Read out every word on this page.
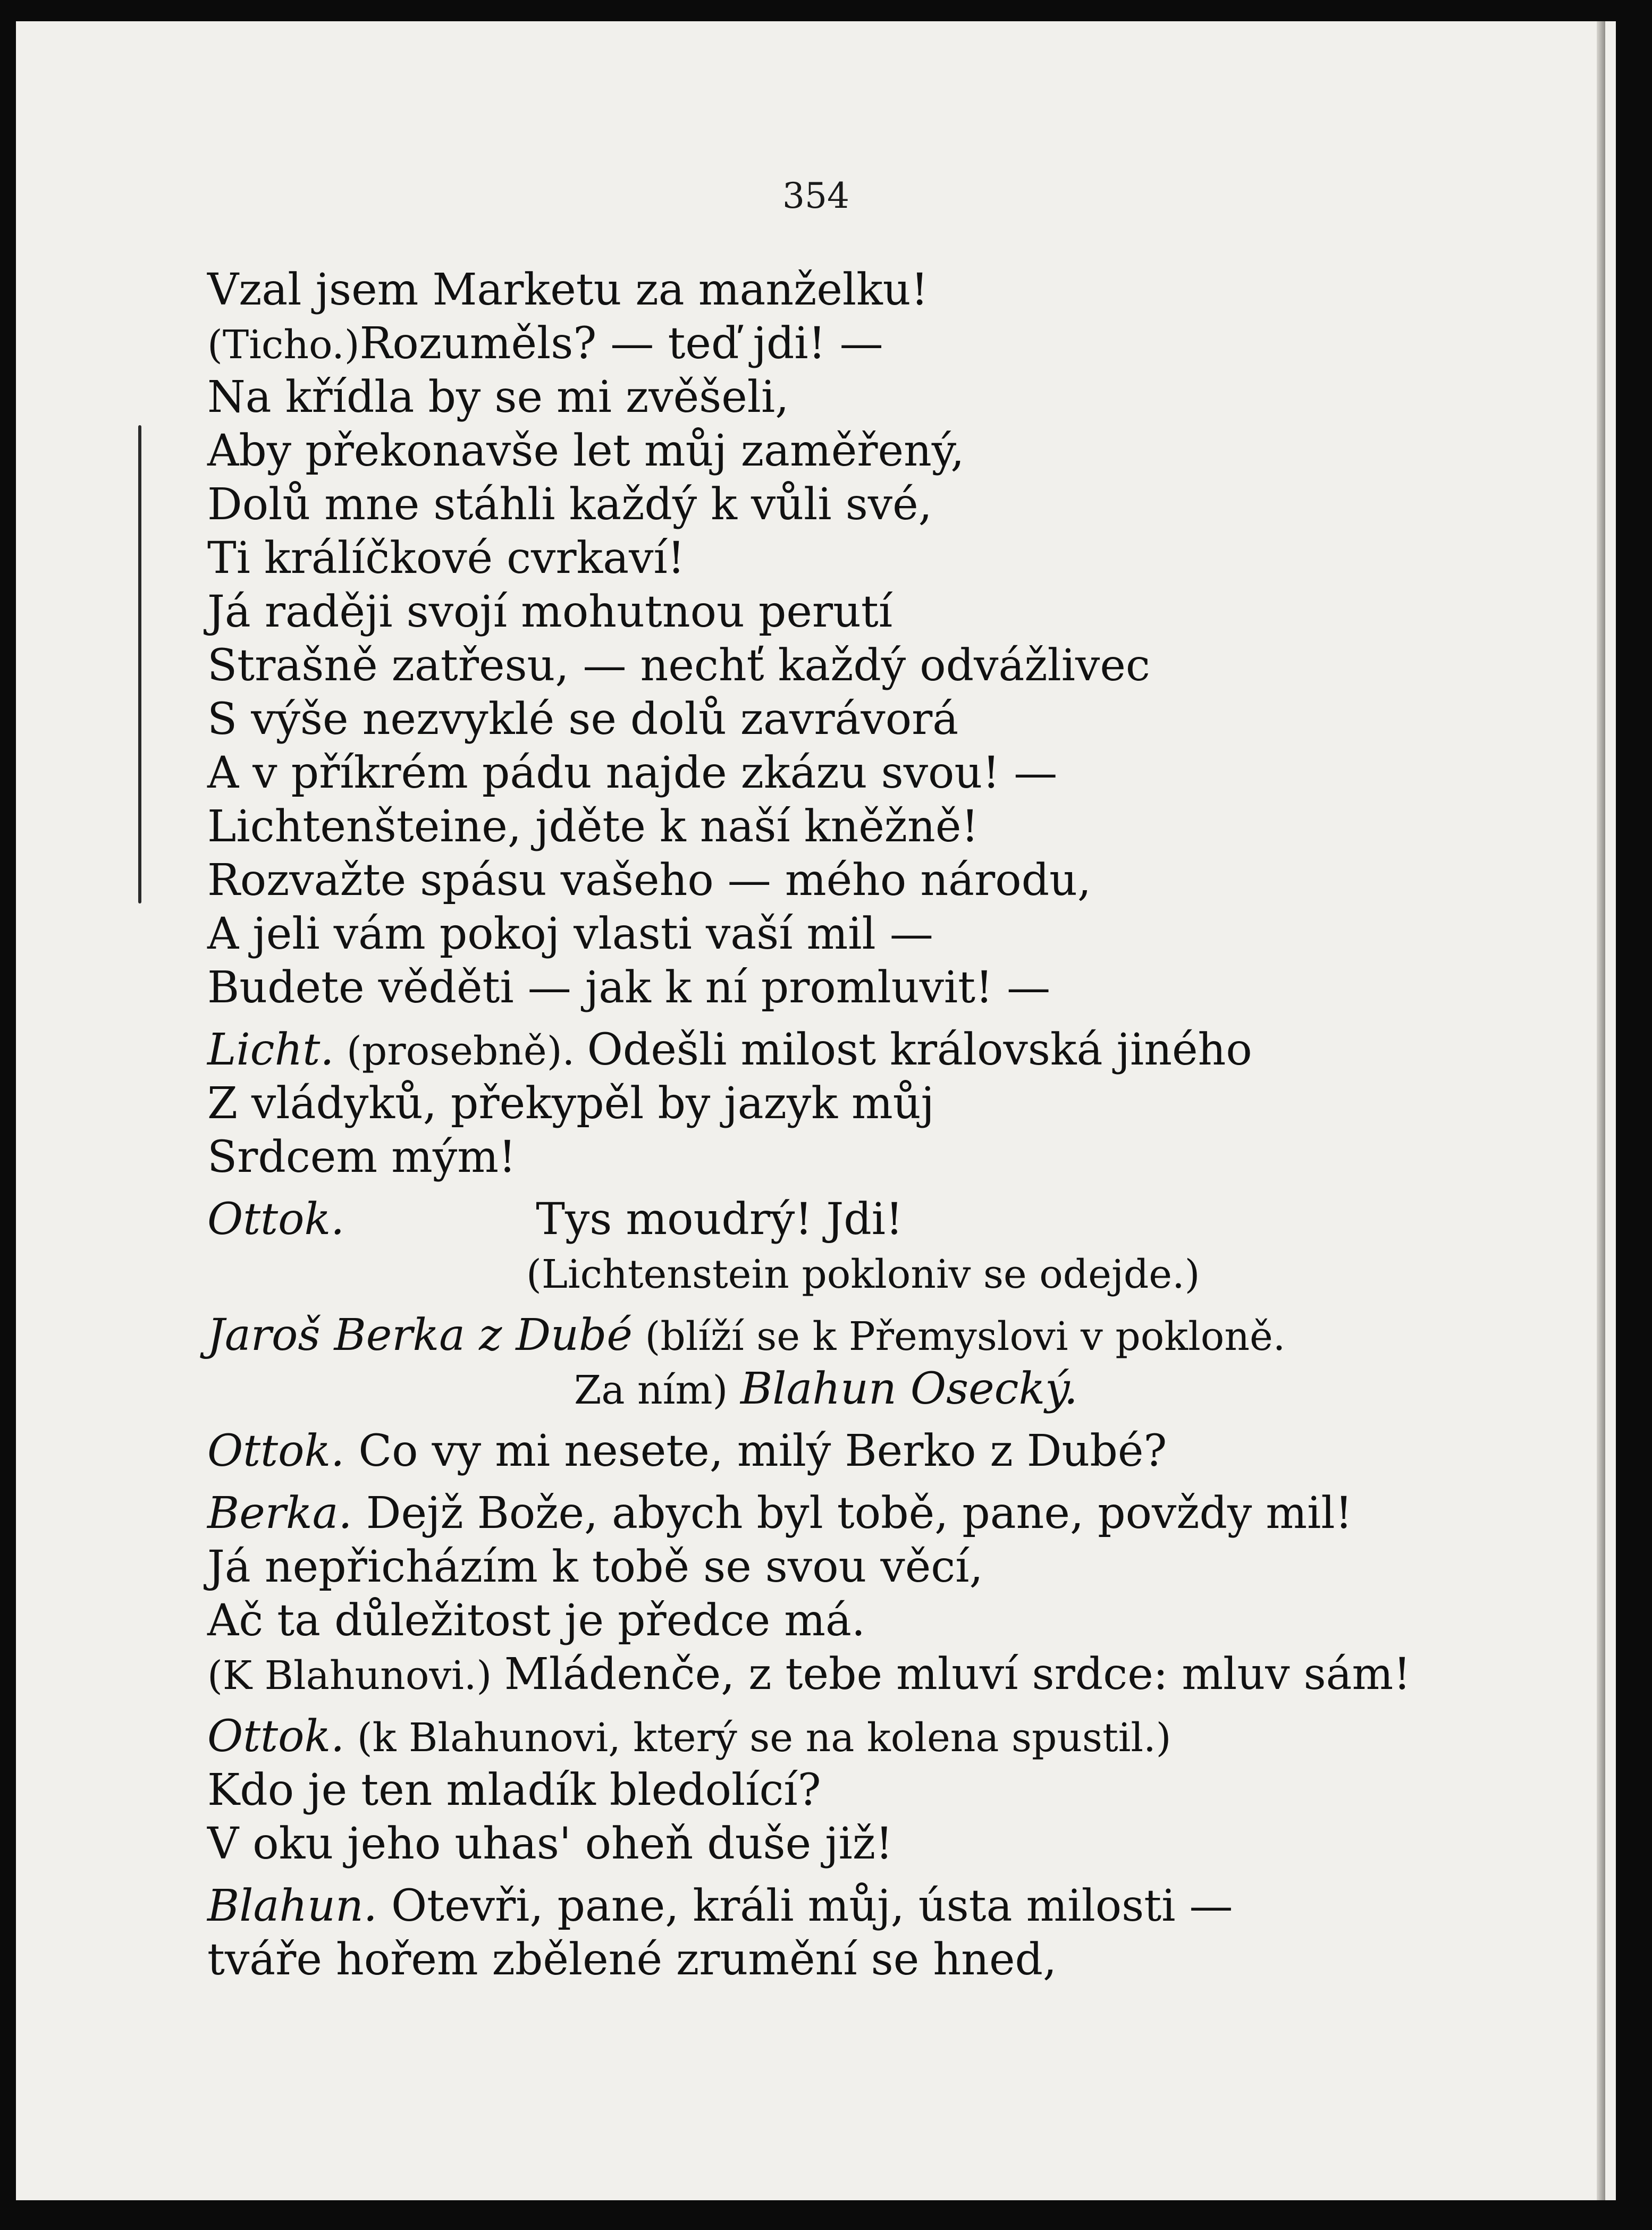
354
Vzal jsem Marketu za manželku!
(Ticho.)Rozuměls? — teď jdi! —
Na křídla by se mi zvěšeli,
Aby překonavše let můj zaměřený,
Dolů mne stáhli každý k vůli své,
Ti králíčkové cvrkaví!
Já raději svojí mohutnou perutí
Strašně zatřesu, — nechť každý odvážlivec
S výše nezvyklé se dolů zavrávorá
A v příkrém pádu najde zkázu svou! —
Lichtenšteine, jděte k naší kněžně!
Rozvažte spásu vašeho — mého národu,
A jeli vám pokoj vlasti vaší mil —
Budete věděti — jak k ní promluvit! —
Licht. (prosebně). Odešli milost královská jiného
Z vládyků, překypěl by jazyk můj
Srdcem mým!
Ottok.	Tys moudrý! Jdi!
(Lichtenstein pokloniv se odejde.)
Jaroš Berka z Dubé (blíží se k Přemyslovi v pokloně.
Za ním) Blahun Osecký.
Ottok. Co vy mi nesete, milý Berko z Dubé?
Berka. Dejž Bože, abych byl tobě, pane, povždy mil!
Já nepřicházím k tobě se svou věcí,
Ač ta důležitost je předce má.
(K Blahunovi.) Mládenče, z tebe mluví srdce: mluv sám!
Ottok. (k Blahunovi, který se na kolena spustil.)
Kdo je ten mladík bledolící?
V oku jeho uhas' oheň duše již!
Blahun. Otevři, pane, králi můj, ústa milosti —
tváře hořem zbělené zrumění se hned,
